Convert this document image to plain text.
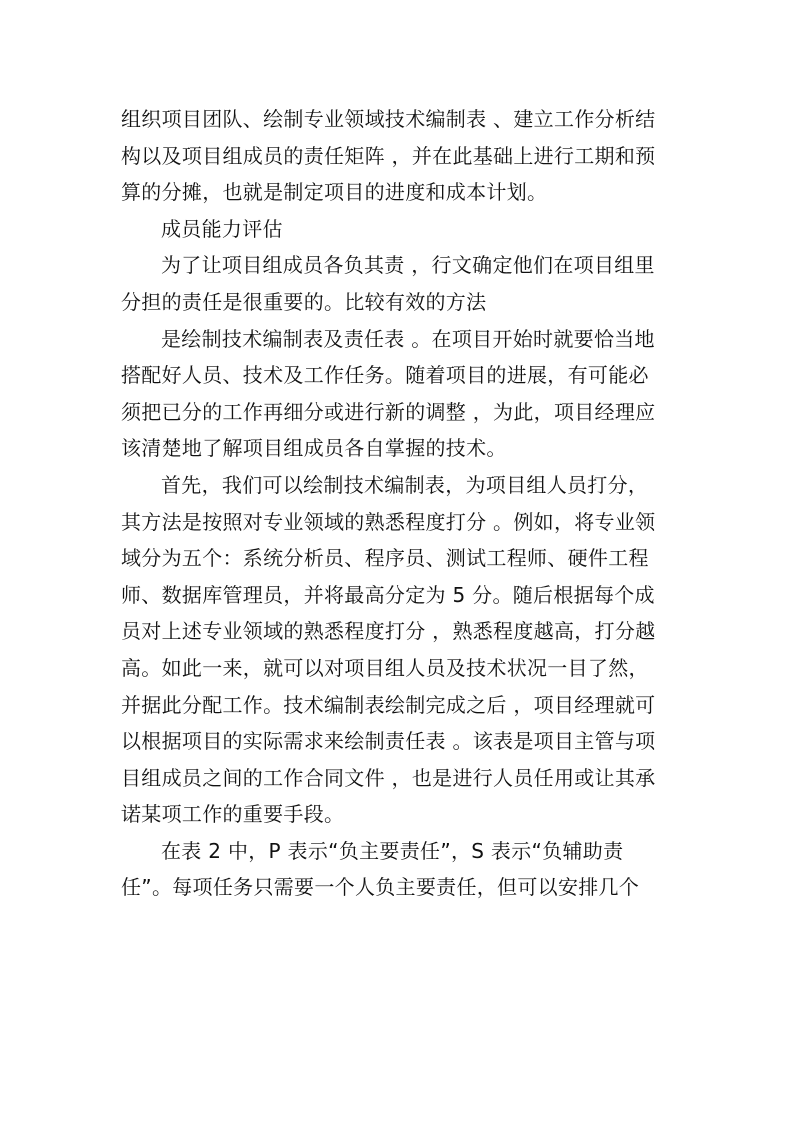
组织项目团队、绘制专业领域技术编制表 、建立工作分析结
构以及项目组成员的责任矩阵 ，并在此基础上进行工期和预
算的分摊，也就是制定项目的进度和成本计划。
成员能力评估
为了让项目组成员各负其责 ，行文确定他们在项目组里
分担的责任是很重要的。比较有效的方法
是绘制技术编制表及责任表 。在项目开始时就要恰当地
搭配好人员、技术及工作任务。随着项目的进展，有可能必
须把已分的工作再细分或进行新的调整 ，为此，项目经理应
该清楚地了解项目组成员各自掌握的技术。
首先，我们可以绘制技术编制表，为项目组人员打分，
其方法是按照对专业领域的熟悉程度打分 。例如，将专业领
域分为五个：系统分析员、程序员、测试工程师、硬件工程
师、数据库管理员，并将最高分定为 5 分。随后根据每个成
员对上述专业领域的熟悉程度打分 ，熟悉程度越高，打分越
高。如此一来，就可以对项目组人员及技术状况一目了然，
并据此分配工作。技术编制表绘制完成之后 ，项目经理就可
以根据项目的实际需求来绘制责任表 。该表是项目主管与项
目组成员之间的工作合同文件 ，也是进行人员任用或让其承
诺某项工作的重要手段。
在表 2 中，P 表示“负主要责任”，S 表示“负辅助责
任”。每项任务只需要一个人负主要责任，但可以安排几个
